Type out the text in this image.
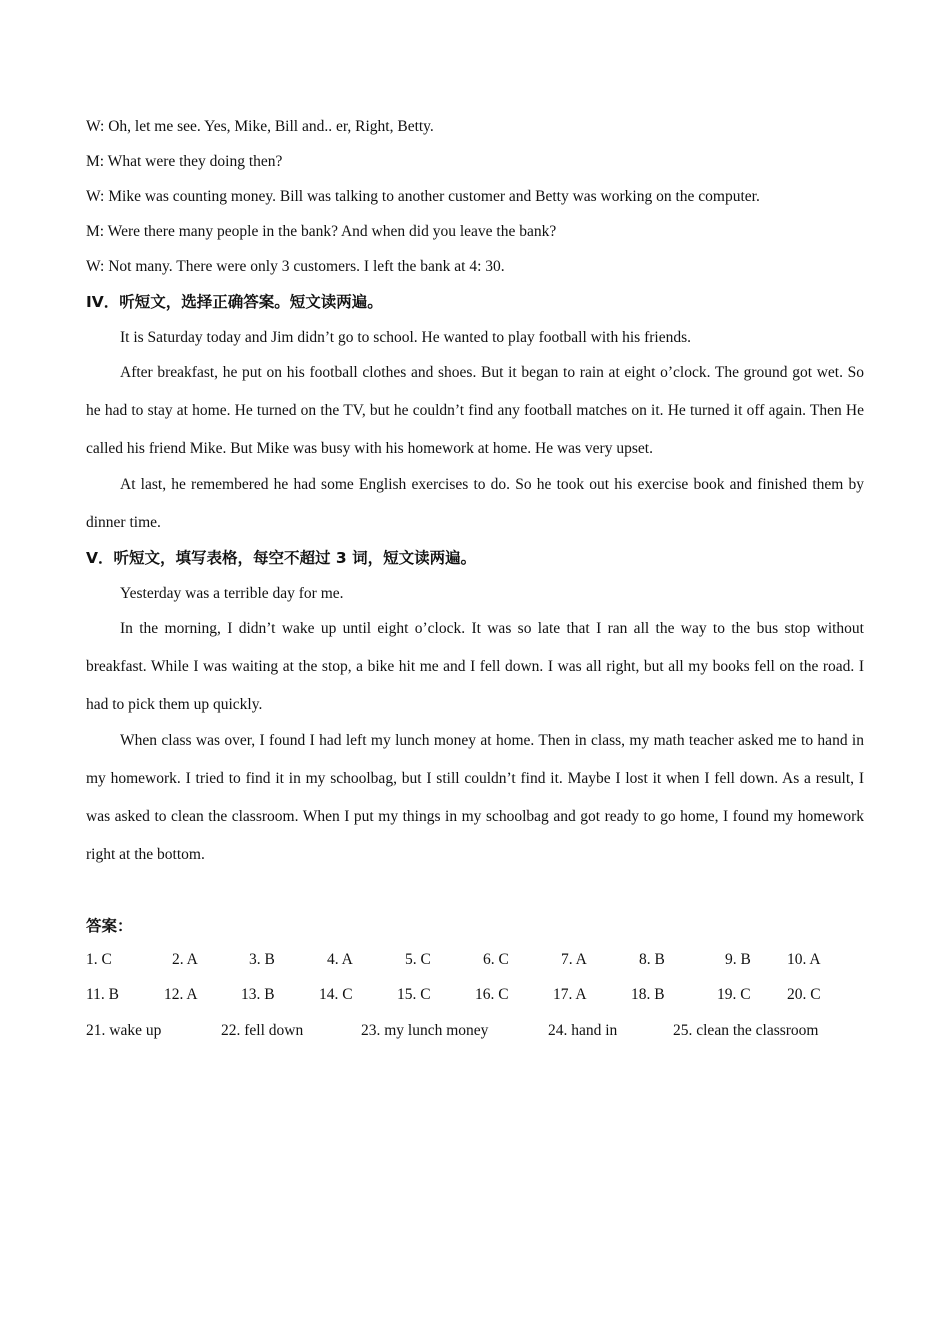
W: Oh, let me see. Yes, Mike, Bill and.. er, Right, Betty.
M: What were they doing then?
W: Mike was counting money. Bill was talking to another customer and Betty was working on the computer.
M: Were there many people in the bank? And when did you leave the bank?
W: Not many. There were only 3 customers. I left the bank at 4: 30.
IV．听短文，选择正确答案。短文读两遍。
It is Saturday today and Jim didn’t go to school. He wanted to play football with his friends.
After breakfast, he put on his football clothes and shoes. But it began to rain at eight o’clock. The ground got wet. So he had to stay at home. He turned on the TV, but he couldn’t find any football matches on it. He turned it off again. Then He called his friend Mike. But Mike was busy with his homework at home. He was very upset.
At last, he remembered he had some English exercises to do. So he took out his exercise book and finished them by dinner time.
V．听短文，填写表格，每空不超过 3 词，短文读两遍。
Yesterday was a terrible day for me.
In the morning, I didn’t wake up until eight o’clock. It was so late that I ran all the way to the bus stop without breakfast. While I was waiting at the stop, a bike hit me and I fell down. I was all right, but all my books fell on the road. I had to pick them up quickly.
When class was over, I found I had left my lunch money at home. Then in class, my math teacher asked me to hand in my homework. I tried to find it in my schoolbag, but I still couldn’t find it. Maybe I lost it when I fell down. As a result, I was asked to clean the classroom. When I put my things in my schoolbag and got ready to go home, I found my homework right at the bottom.
答案：
1. C	2. A	3. B	4. A	5. C	6. C	7. A	8. B	9. B 10. A
11. B	12. A	13. B	14. C	15. C	16. C	17. A	18. B	19. C 20. C
21. wake up	22. fell down	23. my lunch money	24. hand in	25. clean the classroom
